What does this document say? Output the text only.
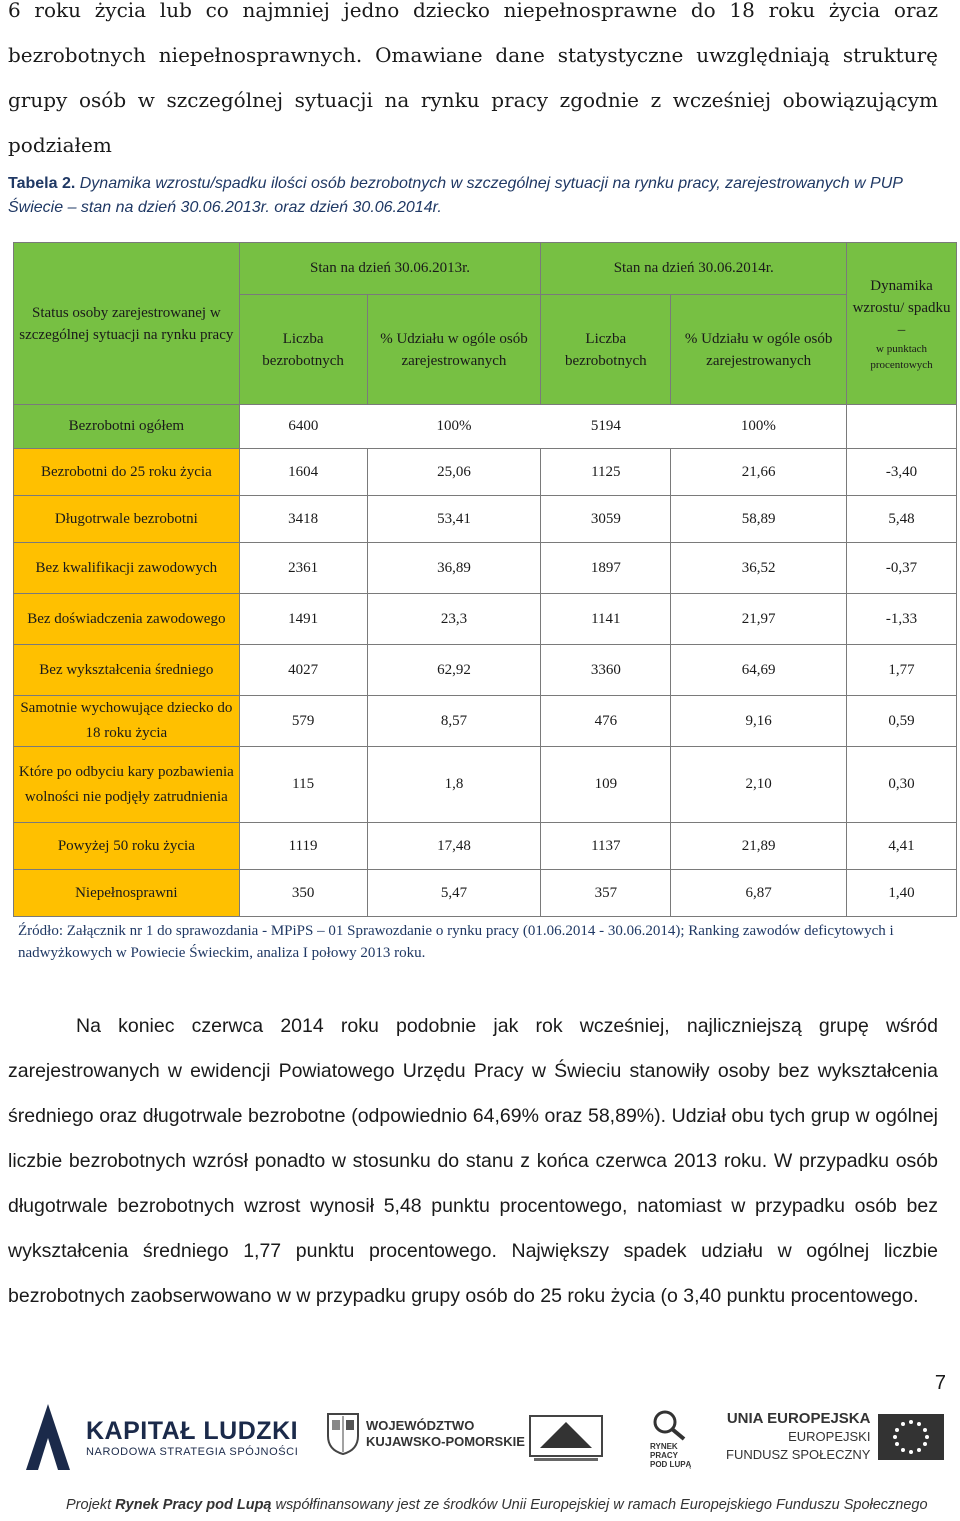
6 roku życia lub co najmniej jedno dziecko niepełnosprawne do 18 roku życia oraz bezrobotnych niepełnosprawnych. Omawiane dane statystyczne uwzględniają strukturę grupy osób w szczególnej sytuacji na rynku pracy zgodnie z wcześniej obowiązującym podziałem

Tabela 2. Dynamika wzrostu/spadku ilości osób bezrobotnych w szczególnej sytuacji na rynku pracy, zarejestrowanych w PUP Świecie – stan na dzień 30.06.2013r. oraz dzień 30.06.2014r.
Status osoby zarejestrowanej w szczególnej sytuacji na rynku pracy	Stan na dzień 30.06.2013r.		Stan na dzień 30.06.2014r.		Dynamika wzrostu/ spadku –
w punktach procentowych

	Liczba bezrobotnych	% Udziału w ogóle osób zarejestrowanych	Liczba bezrobotnych	% Udziału w ogóle osób zarejestrowanych	
Bezrobotni ogółem	6400	100%	5194	100%	
Bezrobotni do 25 roku życia	1604	25,06	1125	21,66	-3,40
Długotrwale bezrobotni	3418	53,41	3059	58,89	5,48
Bez kwalifikacji zawodowych	2361	36,89	1897	36,52	-0,37
Bez doświadczenia zawodowego	1491	23,3	1141	21,97	-1,33
Bez wykształcenia średniego	4027	62,92	3360	64,69	1,77
Samotnie wychowujące dziecko do 18 roku życia	579	8,57	476	9,16	0,59
Które po odbyciu kary pozbawienia wolności nie podjęły zatrudnienia	115	1,8	109	2,10	0,30
Powyżej 50 roku życia	1119	17,48	1137	21,89	4,41
Niepełnosprawni	350	5,47	357	6,87	1,40
Źródło: Załącznik nr 1 do sprawozdania - MPiPS – 01 Sprawozdanie o rynku pracy (01.06.2014 - 30.06.2014); Ranking zawodów deficytowych i nadwyżkowych w Powiecie Świeckim, analiza I połowy 2013 roku.

Na koniec czerwca 2014 roku podobnie jak rok wcześniej, najliczniejszą grupę wśród zarejestrowanych w ewidencji Powiatowego Urzędu Pracy w Świeciu stanowiły osoby bez wykształcenia średniego oraz długotrwale bezrobotne (odpowiednio 64,69% oraz 58,89%). Udział obu tych grup w ogólnej liczbie bezrobotnych wzrósł ponadto w stosunku do stanu z końca czerwca 2013 roku. W przypadku osób długotrwale bezrobotnych wzrost wynosił 5,48 punktu procentowego, natomiast w przypadku osób bez wykształcenia średniego 1,77 punktu procentowego. Największy spadek udziału w ogólnej liczbie bezrobotnych zaobserwowano w w przypadku grupy osób do 25 roku życia (o 3,40 punktu procentowego.

7
KAPITAŁ LUDZKI
NARODOWA STRATEGIA SPÓJNOŚCI
WOJEWÓDZTWO
KUJAWSKO-POMORSKIE	RYNEK
PRACY
POD LUPĄ
UNIA EUROPEJSKA
EUROPEJSKI
FUNDUSZ SPOŁECZNY
Projekt Rynek Pracy pod Lupą współfinansowany jest ze środków Unii Europejskiej w ramach Europejskiego Funduszu Społecznego
